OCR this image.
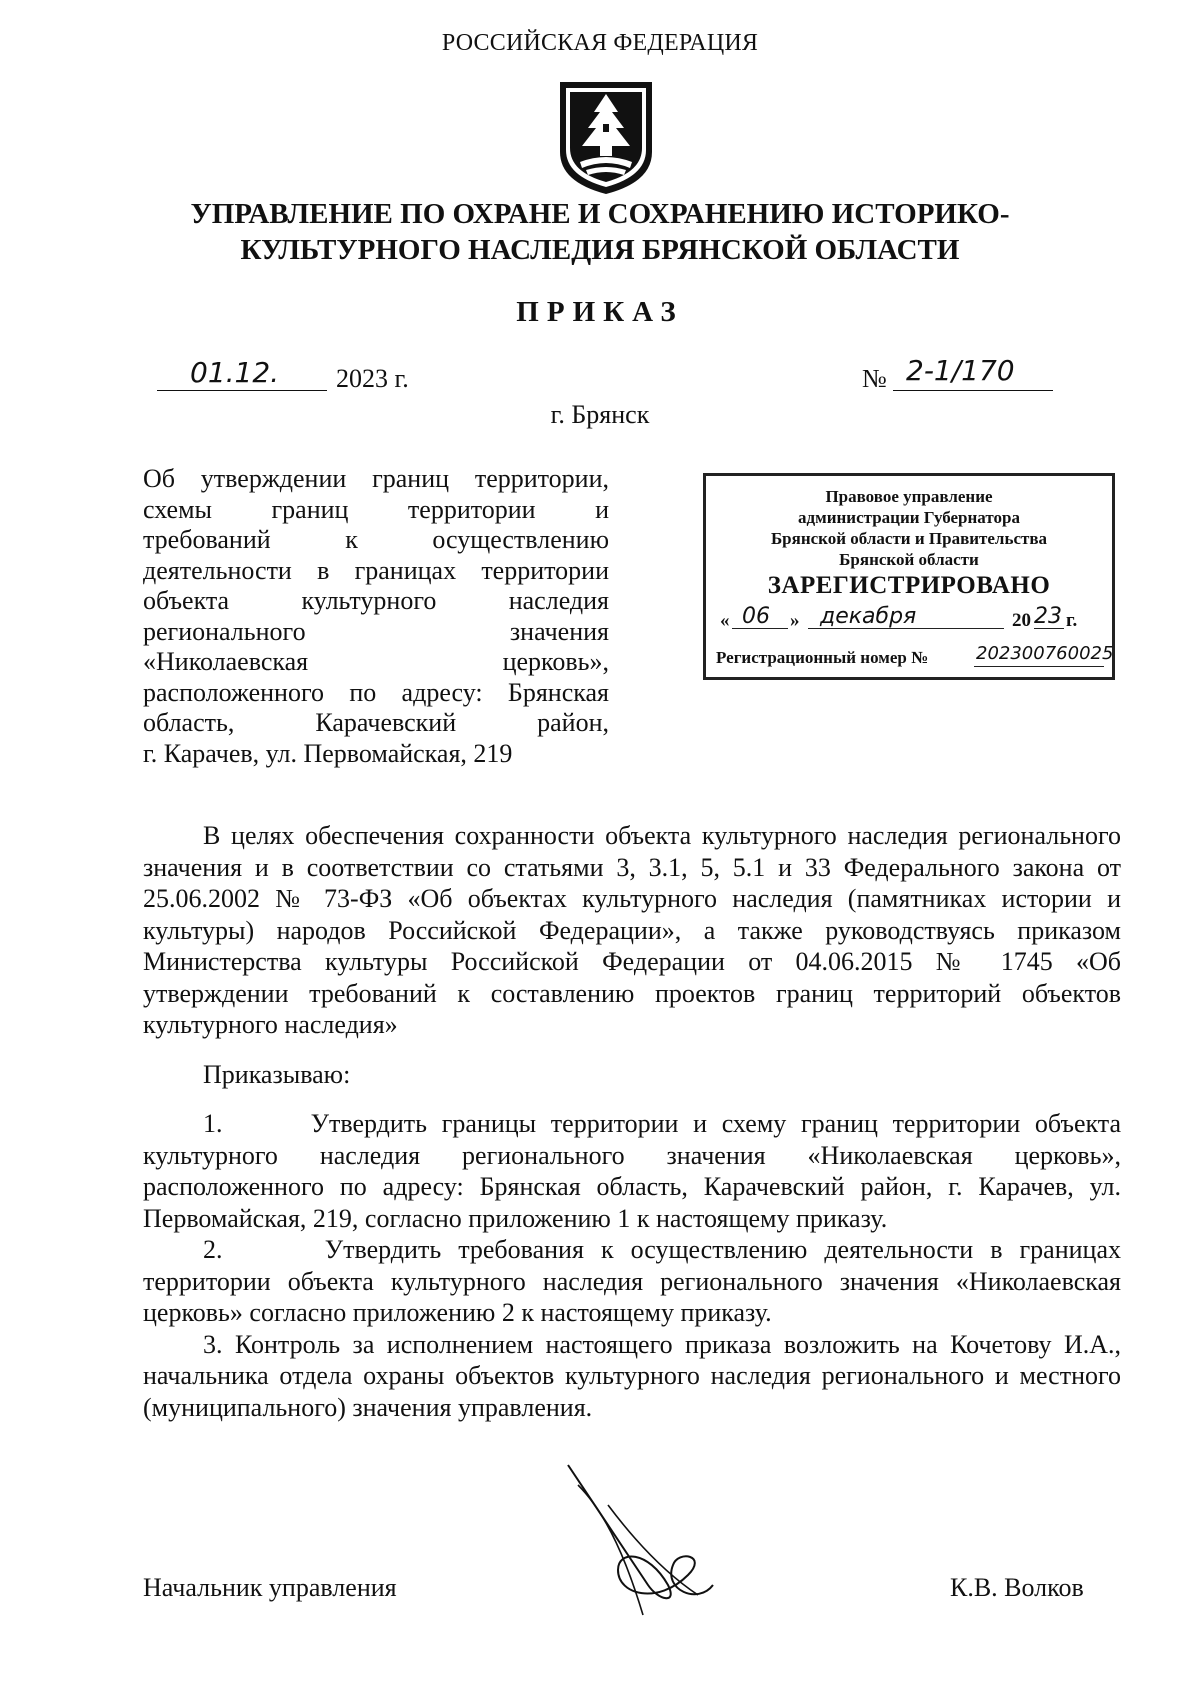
РОССИЙСКАЯ ФЕДЕРАЦИЯ
УПРАВЛЕНИЕ ПО ОХРАНЕ И СОХРАНЕНИЮ ИСТОРИКО-
КУЛЬТУРНОГО НАСЛЕДИЯ БРЯНСКОЙ ОБЛАСТИ
ПРИКАЗ
01.12. 2023 г.	№ 2-1/170
г. Брянск
Об утверждении границ территории,
схемы границ территории и
требований к осуществлению
деятельности в границах территории
объекта культурного наследия
регионального значения
«Николаевская церковь»,
расположенного по адресу: Брянская
область, Карачевский район,
г. Карачев, ул. Первомайская, 219
Правовое управление
администрации Губернатора
Брянской области и Правительства
Брянской области
ЗАРЕГИСТРИРОВАНО
« 06 » декабря	20 23 г.
Регистрационный номер №	202300760025

В целях обеспечения сохранности объекта культурного наследия регионального значения и в соответствии со статьями 3, 3.1, 5, 5.1 и 33 Федерального закона от 25.06.2002 № 73-ФЗ «Об объектах культурного наследия (памятниках истории и культуры) народов Российской Федерации», а также руководствуясь приказом Министерства культуры Российской Федерации от 04.06.2015 № 1745 «Об утверждении требований к составлению проектов границ территорий объектов культурного наследия»

Приказываю:

1.      Утвердить границы территории и схему границ территории объекта культурного наследия регионального значения «Николаевская церковь», расположенного по адресу: Брянская область, Карачевский район, г. Карачев, ул. Первомайская, 219, согласно приложению 1 к настоящему приказу.

2.      Утвердить требования к осуществлению деятельности в границах территории объекта культурного наследия регионального значения «Николаевская церковь» согласно приложению 2 к настоящему приказу.

3. Контроль за исполнением настоящего приказа возложить на Кочетову И.А., начальника отдела охраны объектов культурного наследия регионального и местного (муниципального) значения управления.

Начальник управления	К.В. Волков
